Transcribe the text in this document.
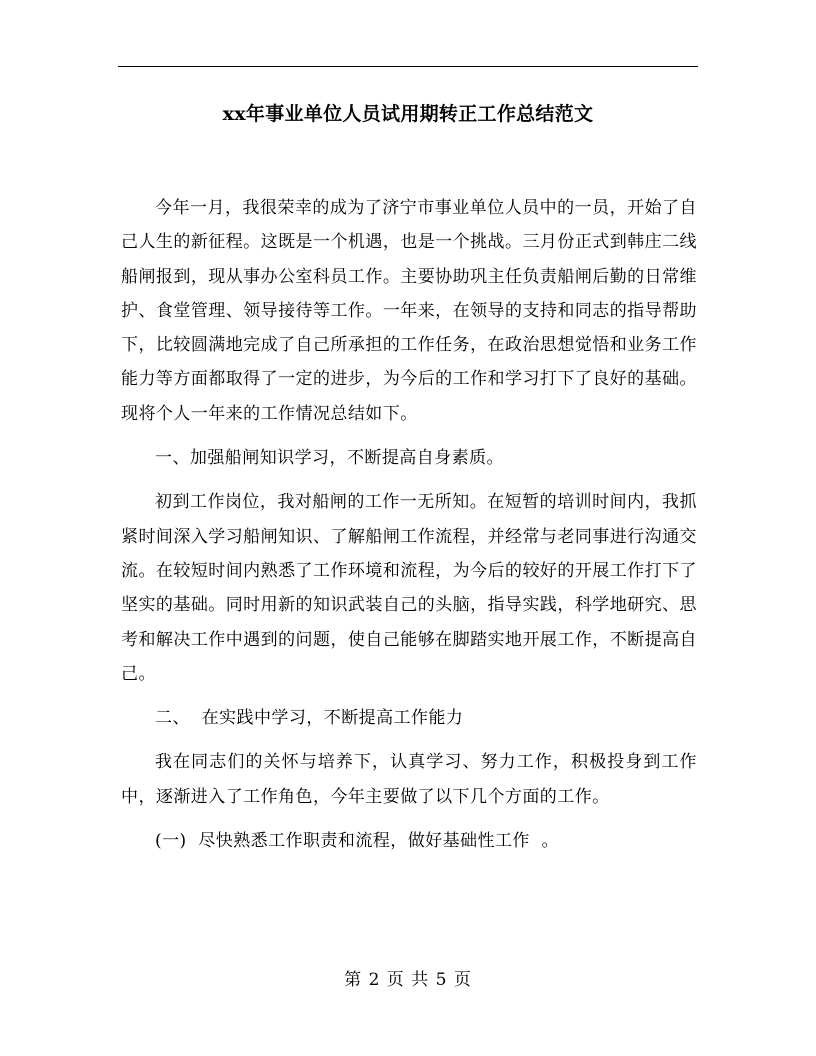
xx年事业单位人员试用期转正工作总结范文

今年一月，我很荣幸的成为了济宁市事业单位人员中的一员，开始了自己人生的新征程。这既是一个机遇，也是一个挑战。三月份正式到韩庄二线船闸报到，现从事办公室科员工作。主要协助巩主任负责船闸后勤的日常维护、食堂管理、领导接待等工作。一年来，在领导的支持和同志的指导帮助下，比较圆满地完成了自己所承担的工作任务，在政治思想觉悟和业务工作能力等方面都取得了一定的进步，为今后的工作和学习打下了良好的基础。现将个人一年来的工作情况总结如下。

一、加强船闸知识学习，不断提高自身素质。

初到工作岗位，我对船闸的工作一无所知。在短暂的培训时间内，我抓紧时间深入学习船闸知识、了解船闸工作流程，并经常与老同事进行沟通交流。在较短时间内熟悉了工作环境和流程，为今后的较好的开展工作打下了坚实的基础。同时用新的知识武装自己的头脑，指导实践，科学地研究、思考和解决工作中遇到的问题，使自己能够在脚踏实地开展工作，不断提高自己。

二、  在实践中学习，不断提高工作能力

我在同志们的关怀与培养下，认真学习、努力工作，积极投身到工作中，逐渐进入了工作角色，今年主要做了以下几个方面的工作。

(一)  尽快熟悉工作职责和流程，做好基础性工作  。

第 2 页 共 5 页
